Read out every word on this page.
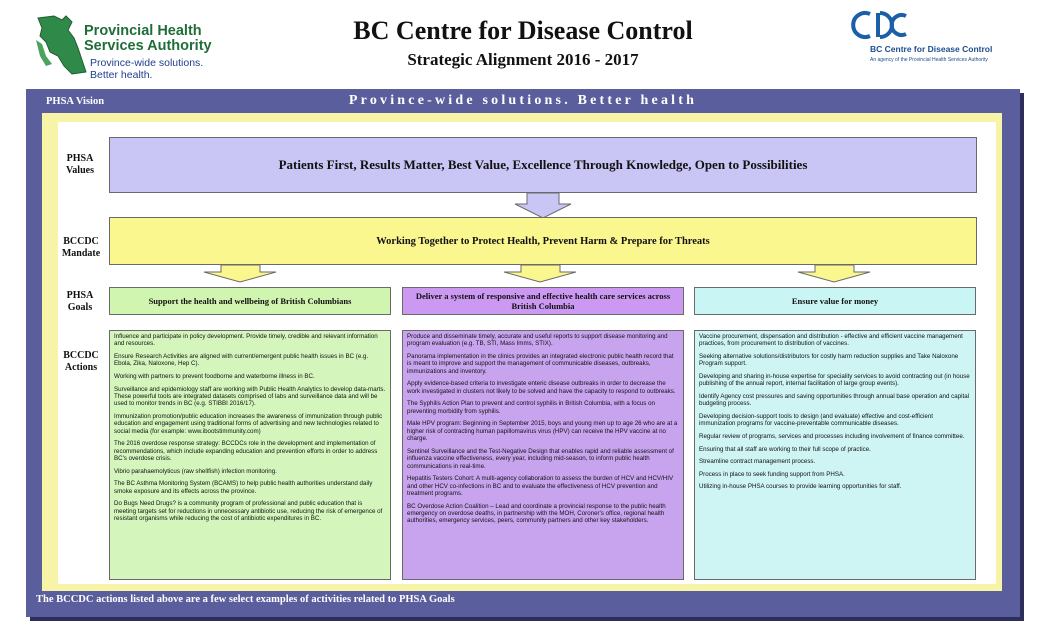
Provincial Health
Services Authority
Province-wide solutions.
Better health.
BC Centre for Disease Control
Strategic Alignment 2016 - 2017
BC Centre for Disease Control
An agency of the Provincial Health Services Authority
PHSA Vision	Province-wide solutions. Better health
PHSA
Values
BCCDC
Mandate
PHSA
Goals
BCCDC
Actions
Patients First, Results Matter, Best Value, Excellence Through Knowledge, Open to Possibilities
Working Together to Protect Health, Prevent Harm & Prepare for Threats
Support the health and wellbeing of British Columbians	Deliver a system of responsive and effective health care services across British Columbia	Ensure value for money

Influence and participate in policy development. Provide timely, credible and relevant information and resources.

Ensure Research Activities are aligned with current/emergent public health issues in BC (e.g. Ebola, Zika, Naloxone, Hep C).

Working with partners to prevent foodborne and waterborne illness in BC.

Surveillance and epidemiology staff are working with Public Health Analytics to develop data-marts. These powerful tools are integrated datasets comprised of labs and surveillance data and will be used to monitor trends in BC (e.g. STIBBI 2016/17).

Immunization promotion/public education increases the awareness of immunization through public education and engagement using traditional forms of advertising and new technologies related to social media (for example: www.ibootstimmunity.com)

The 2016 overdose response strategy: BCCDCs role in the development and implementation of recommendations, which include expanding education and prevention efforts in order to address BC's overdose crisis.

Vibrio parahaemolyticus (raw shellfish) infection monitoring.

The BC Asthma Monitoring System (BCAMS) to help public health authorities understand daily smoke exposure and its effects across the province.

Do Bugs Need Drugs? is a community program of professional and public education that is meeting targets set for reductions in unnecessary antibiotic use, reducing the risk of emergence of resistant organisms while reducing the cost of antibiotic expenditures in BC.

Produce and disseminate timely, accurate and useful reports to support disease monitoring and program evaluation (e.g. TB, STI, Mass Imms, STIX).

Panorama implementation in the clinics provides an integrated electronic public health record that is meant to improve and support the management of communicable diseases, outbreaks, immunizations and inventory.

Apply evidence-based criteria to investigate enteric disease outbreaks in order to decrease the work investigated in clusters not likely to be solved and have the capacity to respond to outbreaks.

The Syphilis Action Plan to prevent and control syphilis in British Columbia, with a focus on preventing morbidity from syphilis.

Male HPV program: Beginning in September 2015, boys and young men up to age 26 who are at a higher risk of contracting human papillomavirus virus (HPV) can receive the HPV vaccine at no charge.

Sentinel Surveillance and the Test-Negative Design that enables rapid and reliable assessment of influenza vaccine effectiveness, every year, including mid-season, to inform public health communications in real-time.

Hepatitis Testers Cohort: A multi-agency collaboration to assess the burden of HCV and HCV/HIV and other HCV co-infections in BC and to evaluate the effectiveness of HCV prevention and treatment programs.

BC Overdose Action Coalition – Lead and coordinate a provincial response to the public health emergency on overdose deaths, in partnership with the MOH, Coroner's office, regional health authorities, emergency services, peers, community partners and other key stakeholders.

Vaccine procurement, dispensation and distribution - effective and efficient vaccine management practices, from procurement to distribution of vaccines.

Seeking alternative solutions/distributors for costly harm reduction supplies and Take Naloxone Program support.

Developing and sharing in-house expertise for speciality services to avoid contracting out (in house publishing of the annual report, internal facilitation of large group events).

Identify Agency cost pressures and saving opportunities through annual base operation and capital budgeting process.

Developing decision-support tools to design (and evaluate) effective and cost-efficient immunization programs for vaccine-preventable communicable diseases.

Regular review of programs, services and processes including involvement of finance committee.

Ensuring that all staff are working to their full scope of practice.

Streamline contract management process.

Process in place to seek funding support from PHSA.

Utilizing in-house PHSA courses to provide learning opportunities for staff.

The BCCDC actions listed above are a few select examples of activities related to PHSA Goals
